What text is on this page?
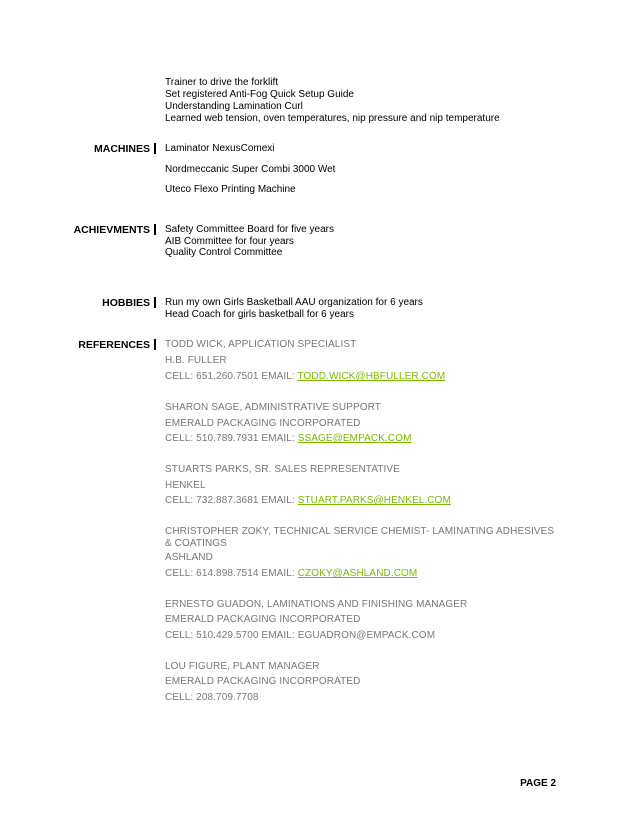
Trainer to drive the forklift
Set registered Anti-Fog Quick Setup Guide
Understanding Lamination Curl
Learned web tension, oven temperatures, nip pressure and nip temperature
MACHINES Laminator NexusComexi
Nordmeccanic Super Combi 3000 Wet
Uteco Flexo Printing Machine
ACHIEVMENTS Safety Committee Board for five years
AIB Committee for four years
Quality Control Committee
HOBBIES Run my own Girls Basketball AAU organization for 6 years
Head Coach for girls basketball for 6 years
REFERENCES TODD WICK, APPLICATION SPECIALIST
H.B. FULLER
CELL: 651.260.7501 EMAIL: TODD.WICK@HBFULLER.COM
SHARON SAGE, ADMINISTRATIVE SUPPORT
EMERALD PACKAGING INCORPORATED
CELL: 510.789.7931 EMAIL: SSAGE@EMPACK.COM
STUARTS PARKS, SR. SALES REPRESENTATIVE
HENKEL
CELL: 732.887.3681 EMAIL: STUART.PARKS@HENKEL.COM
CHRISTOPHER ZOKY, TECHNICAL SERVICE CHEMIST- LAMINATING ADHESIVES & COATINGS
ASHLAND
CELL: 614.898.7514 EMAIL: CZOKY@ASHLAND.COM
ERNESTO GUADON, LAMINATIONS AND FINISHING MANAGER
EMERALD PACKAGING INCORPORATED
CELL: 510.429.5700 EMAIL: EGUADRON@EMPACK.COM
LOU FIGURE, PLANT MANAGER
EMERALD PACKAGING INCORPORATED
CELL: 208.709.7708
PAGE 2
